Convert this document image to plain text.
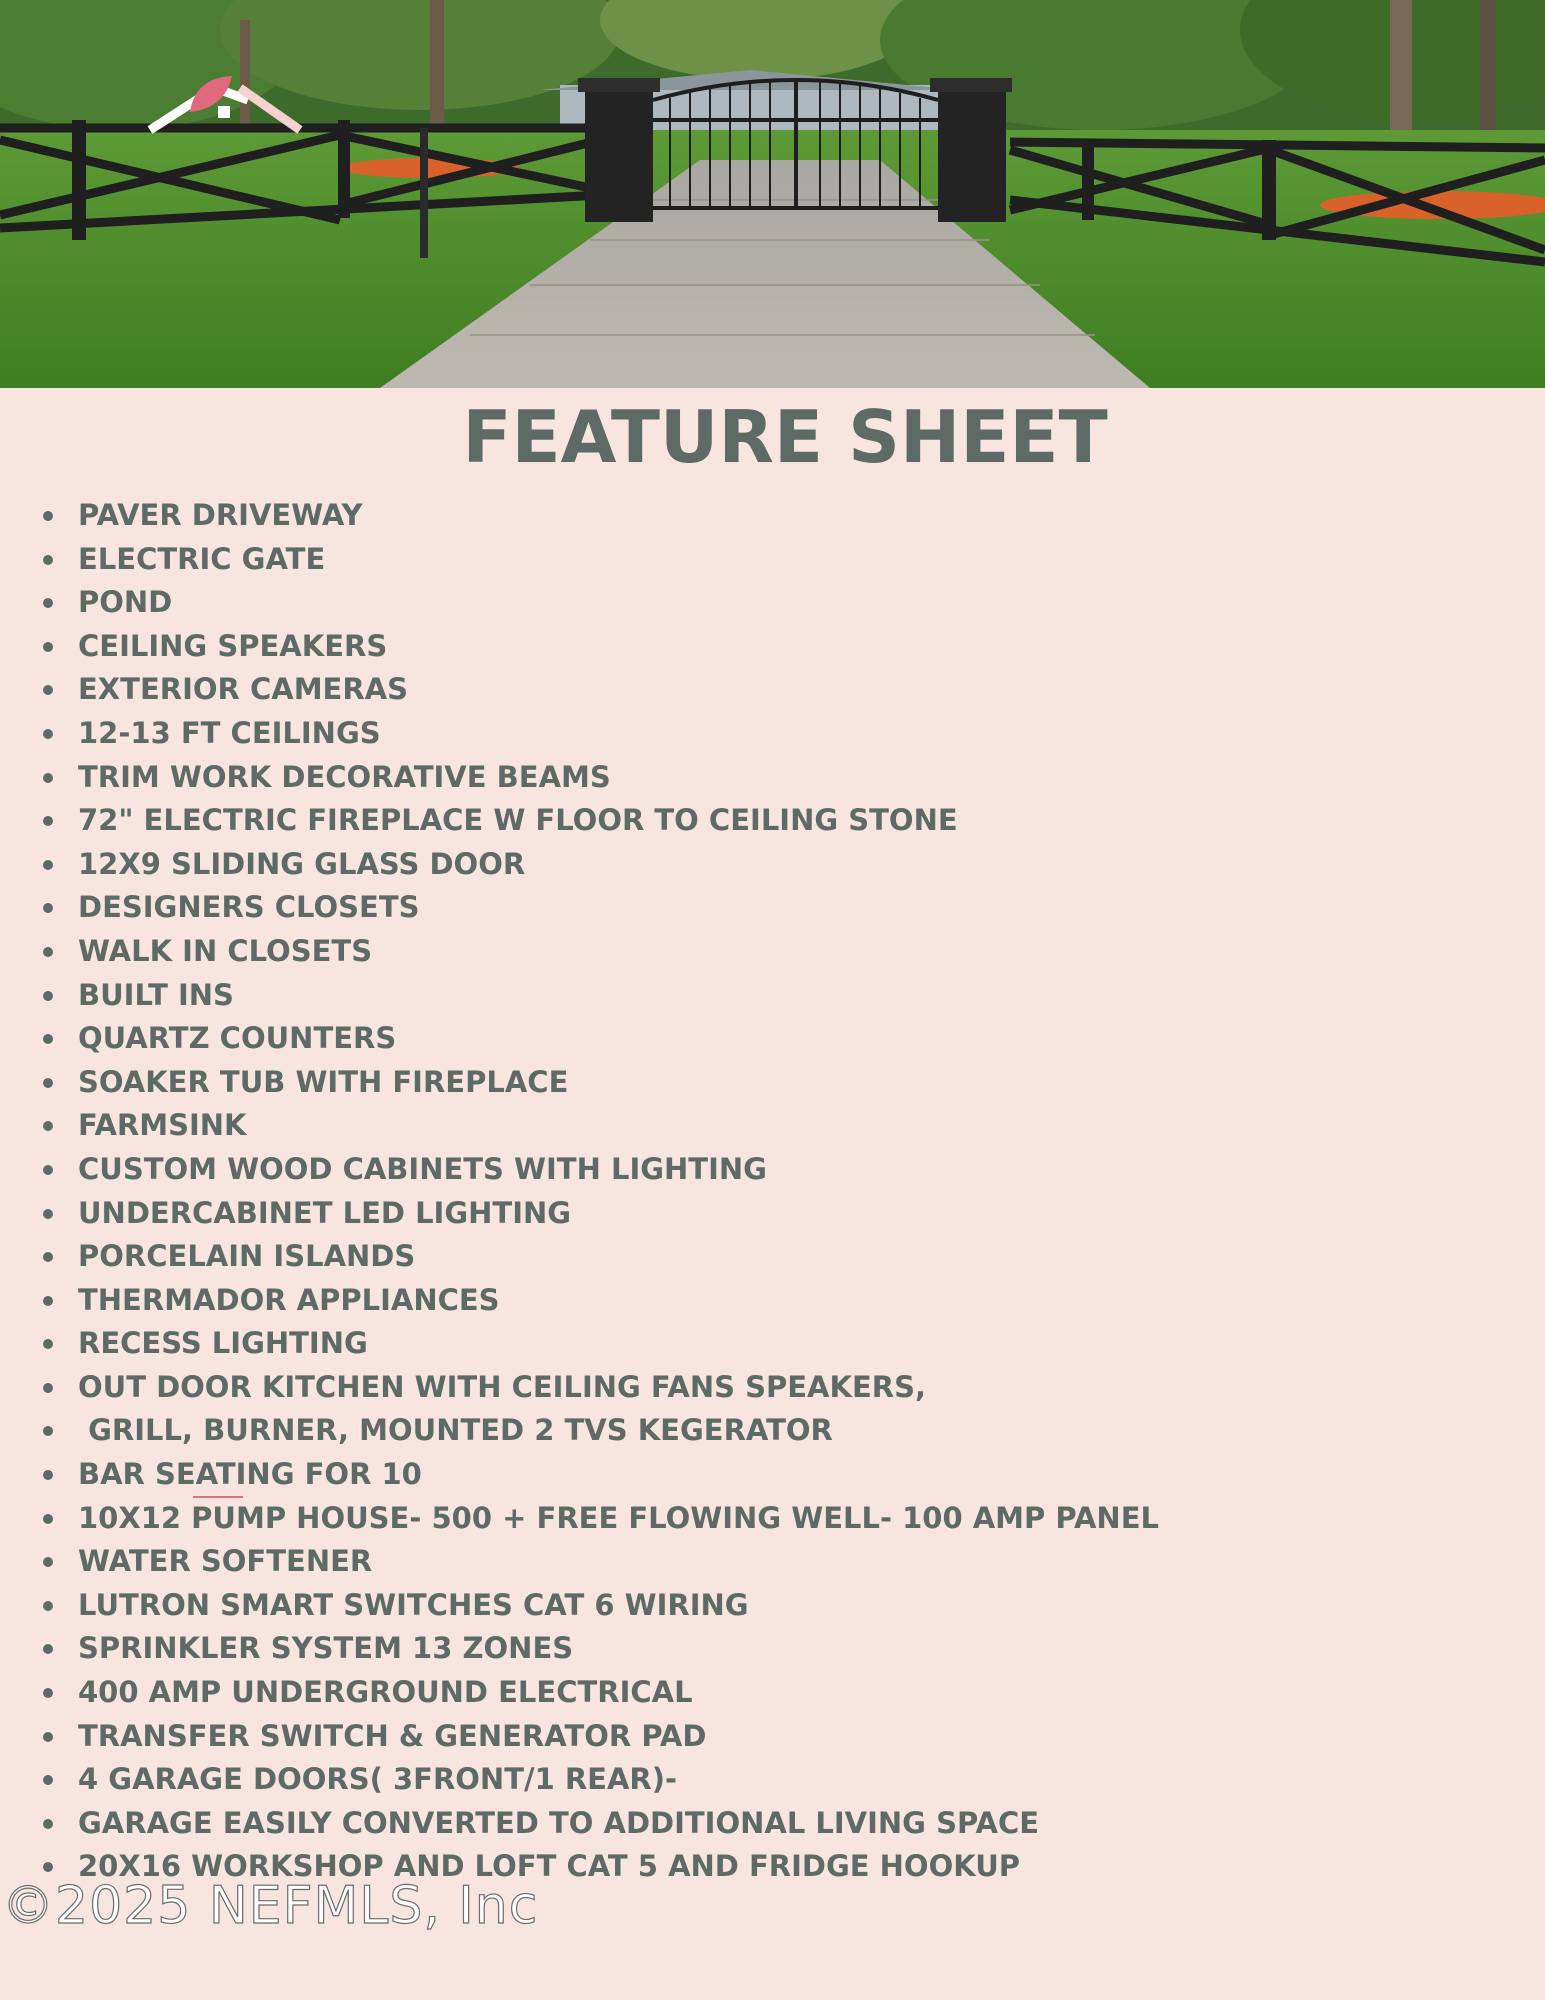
FEATURE SHEET
PAVER DRIVEWAY
ELECTRIC GATE
POND
CEILING SPEAKERS
EXTERIOR CAMERAS
12-13 FT CEILINGS
TRIM WORK DECORATIVE BEAMS
72" ELECTRIC FIREPLACE W FLOOR TO CEILING STONE
12X9 SLIDING GLASS DOOR
DESIGNERS CLOSETS
WALK IN CLOSETS
BUILT INS
QUARTZ COUNTERS
SOAKER TUB WITH FIREPLACE
FARMSINK
CUSTOM WOOD CABINETS WITH LIGHTING
UNDERCABINET LED LIGHTING
PORCELAIN ISLANDS
THERMADOR APPLIANCES
RECESS LIGHTING
OUT DOOR KITCHEN WITH CEILING FANS SPEAKERS,
GRILL, BURNER, MOUNTED 2 TVS KEGERATOR
BAR SEATING FOR 10
10X12 PUMP HOUSE- 500 + FREE FLOWING WELL- 100 AMP PANEL
WATER SOFTENER
LUTRON SMART SWITCHES CAT 6 WIRING
SPRINKLER SYSTEM 13 ZONES
400 AMP UNDERGROUND ELECTRICAL
TRANSFER SWITCH & GENERATOR PAD
4 GARAGE DOORS( 3FRONT/1 REAR)-
GARAGE EASILY CONVERTED TO ADDITIONAL LIVING SPACE
20X16 WORKSHOP AND LOFT CAT 5 AND FRIDGE HOOKUP
©2025 NEFMLS, Inc
